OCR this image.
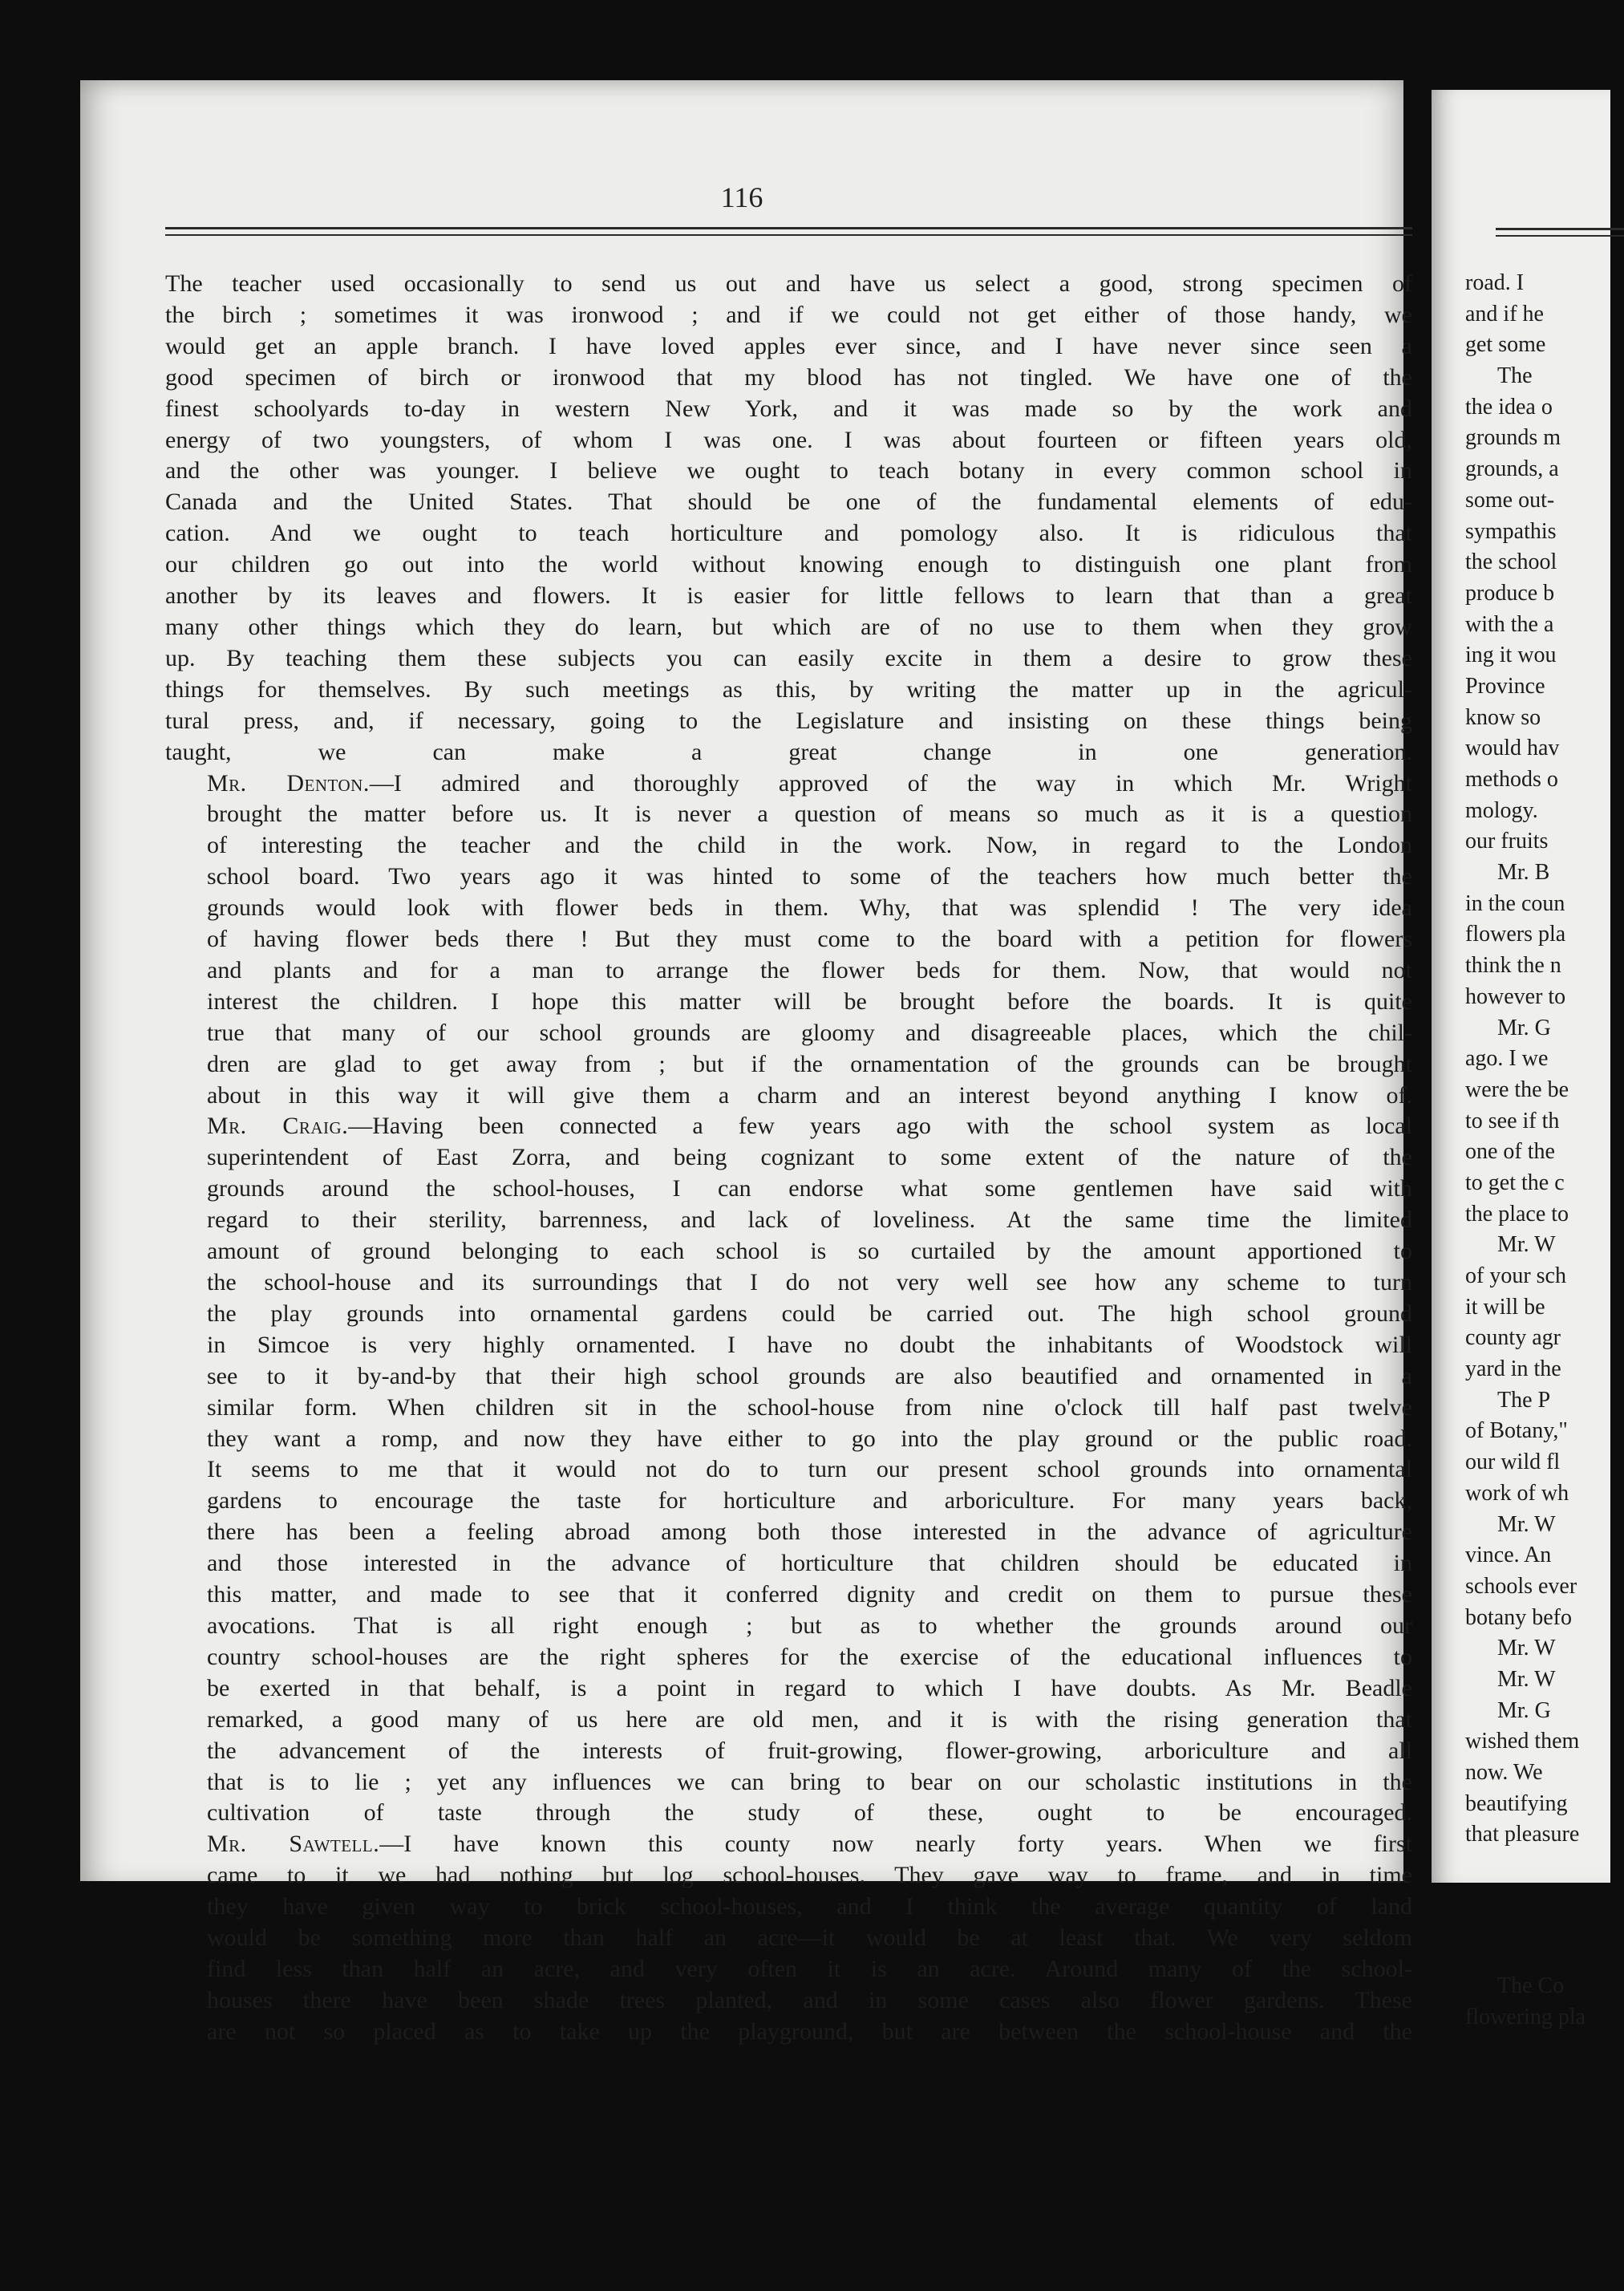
116
The teacher used occasionally to send us out and have us select a good, strong specimen of
the birch ; sometimes it was ironwood ; and if we could not get either of those handy, we
would get an apple branch. I have loved apples ever since, and I have never since seen a
good specimen of birch or ironwood that my blood has not tingled. We have one of the
finest schoolyards to-day in western New York, and it was made so by the work and
energy of two youngsters, of whom I was one. I was about fourteen or fifteen years old,
and the other was younger. I believe we ought to teach botany in every common school in
Canada and the United States. That should be one of the fundamental elements of edu-
cation. And we ought to teach horticulture and pomology also. It is ridiculous that
our children go out into the world without knowing enough to distinguish one plant from
another by its leaves and flowers. It is easier for little fellows to learn that than a great
many other things which they do learn, but which are of no use to them when they grow
up. By teaching them these subjects you can easily excite in them a desire to grow these
things for themselves. By such meetings as this, by writing the matter up in the agricul-
tural press, and, if necessary, going to the Legislature and insisting on these things being
taught, we can make a great change in one generation.
Mr. Denton.—I admired and thoroughly approved of the way in which Mr. Wright
brought the matter before us. It is never a question of means so much as it is a question
of interesting the teacher and the child in the work. Now, in regard to the London
school board. Two years ago it was hinted to some of the teachers how much better the
grounds would look with flower beds in them. Why, that was splendid ! The very idea
of having flower beds there ! But they must come to the board with a petition for flowers
and plants and for a man to arrange the flower beds for them. Now, that would not
interest the children. I hope this matter will be brought before the boards. It is quite
true that many of our school grounds are gloomy and disagreeable places, which the chil-
dren are glad to get away from ; but if the ornamentation of the grounds can be brought
about in this way it will give them a charm and an interest beyond anything I know of.
Mr. Craig.—Having been connected a few years ago with the school system as local
superintendent of East Zorra, and being cognizant to some extent of the nature of the
grounds around the school-houses, I can endorse what some gentlemen have said with
regard to their sterility, barrenness, and lack of loveliness. At the same time the limited
amount of ground belonging to each school is so curtailed by the amount apportioned to
the school-house and its surroundings that I do not very well see how any scheme to turn
the play grounds into ornamental gardens could be carried out. The high school ground
in Simcoe is very highly ornamented. I have no doubt the inhabitants of Woodstock will
see to it by-and-by that their high school grounds are also beautified and ornamented in a
similar form. When children sit in the school-house from nine o'clock till half past twelve
they want a romp, and now they have either to go into the play ground or the public road.
It seems to me that it would not do to turn our present school grounds into ornamental
gardens to encourage the taste for horticulture and arboriculture. For many years back,
there has been a feeling abroad among both those interested in the advance of agriculture
and those interested in the advance of horticulture that children should be educated in
this matter, and made to see that it conferred dignity and credit on them to pursue these
avocations. That is all right enough ; but as to whether the grounds around our
country school-houses are the right spheres for the exercise of the educational influences to
be exerted in that behalf, is a point in regard to which I have doubts. As Mr. Beadle
remarked, a good many of us here are old men, and it is with the rising generation that
the advancement of the interests of fruit-growing, flower-growing, arboriculture and all
that is to lie ; yet any influences we can bring to bear on our scholastic institutions in the
cultivation of taste through the study of these, ought to be encouraged.
Mr. Sawtell.—I have known this county now nearly forty years. When we first
came to it we had nothing but log school-houses. They gave way to frame, and in time
they have given way to brick school-houses, and I think the average quantity of land
would be something more than half an acre—it would be at least that. We very seldom
find less than half an acre, and very often it is an acre. Around many of the school-
houses there have been shade trees planted, and in some cases also flower gardens. These
are not so placed as to take up the playground, but are between the school-house and the
road. I
and if he
get some
The
the idea o
grounds m
grounds, a
some out-
sympathis
the school
produce b
with the a
ing it wou
Province
know so
would hav
methods o
mology.
our fruits
Mr. B
in the coun
flowers pla
think the n
however to
Mr. G
ago. I we
were the be
to see if th
one of the
to get the c
the place to
Mr. W
of your sch
it will be
county agr
yard in the
The P
of Botany,"
our wild fl
work of wh
Mr. W
vince. An
schools ever
botany befo
Mr. W
Mr. W
Mr. G
wished them
now. We
beautifying
that pleasure
The Co
flowering pla
